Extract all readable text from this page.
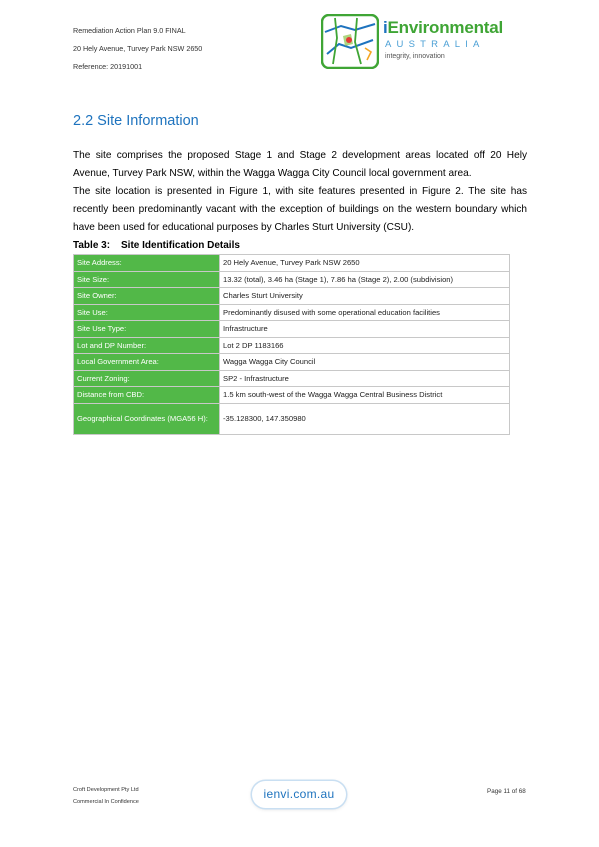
Remediation Action Plan 9.0 FINAL
20 Hely Avenue, Turvey Park NSW 2650
Reference: 20191001
iEnvironmental
AUSTRALIA
integrity, innovation
2.2 Site Information

The site comprises the proposed Stage 1 and Stage 2 development areas located off 20 Hely Avenue, Turvey Park NSW, within the Wagga Wagga City Council local government area.

The site location is presented in Figure 1, with site features presented in Figure 2. The site has recently been predominantly vacant with the exception of buildings on the western boundary which have been used for educational purposes by Charles Sturt University (CSU).

Table 3: Site Identification Details
Site Address:	20 Hely Avenue, Turvey Park NSW 2650
Site Size:	13.32 (total), 3.46 ha (Stage 1), 7.86 ha (Stage 2), 2.00 (subdivision)
Site Owner:	Charles Sturt University
Site Use:	Predominantly disused with some operational education facilities
Site Use Type:	Infrastructure
Lot and DP Number:	Lot 2 DP 1183166
Local Government Area:	Wagga Wagga City Council
Current Zoning:	SP2 - Infrastructure
Distance from CBD:	1.5 km south-west of the Wagga Wagga Central Business District
Geographical Coordinates (MGA56 H):	-35.128300, 147.350980
Croft Development Pty Ltd
Commercial In Confidence
ienvi.com.au	Page 11 of 68
